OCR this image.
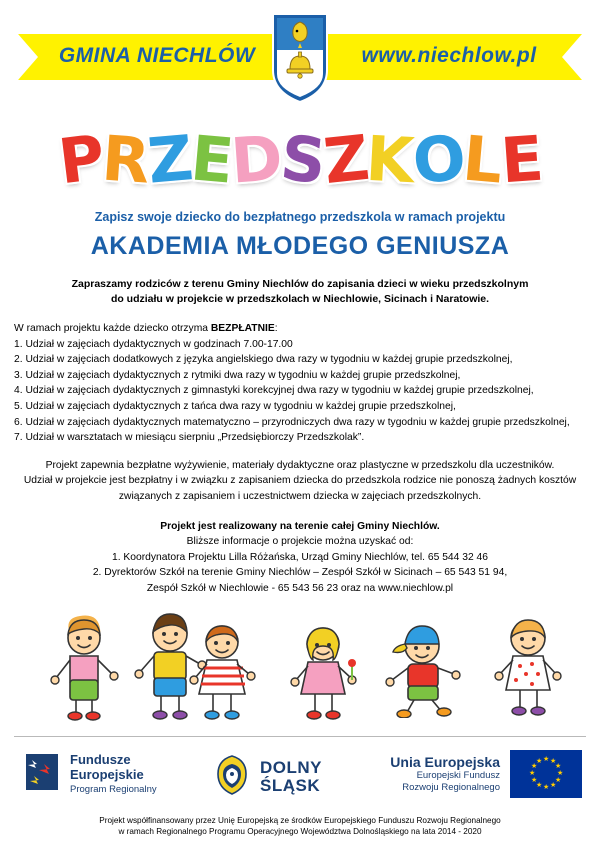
GMINA NIECHLÓW	www.niechlow.pl
PRZEDSZKOLE
Zapisz swoje dziecko do bezpłatnego przedszkola w ramach projektu
AKADEMIA MŁODEGO GENIUSZA
Zapraszamy rodziców z terenu Gminy Niechlów do zapisania dzieci w wieku przedszkolnym
do udziału w projekcie w przedszkolach w Niechlowie, Sicinach i Naratowie.

W ramach projektu każde dziecko otrzyma BEZPŁATNIE:

1. Udział w zajęciach dydaktycznych w godzinach 7.00-17.00
2. Udział w zajęciach dodatkowych z języka angielskiego dwa razy w tygodniu w każdej grupie przedszkolnej,
3. Udział w zajęciach dydaktycznych z rytmiki dwa razy w tygodniu w każdej grupie przedszkolnej,
4. Udział w zajęciach dydaktycznych z gimnastyki korekcyjnej dwa razy w tygodniu w każdej grupie przedszkolnej,
5. Udział w zajęciach dydaktycznych z tańca dwa razy w tygodniu w każdej grupie przedszkolnej,
6. Udział w zajęciach dydaktycznych matematyczno – przyrodniczych dwa razy w tygodniu w każdej grupie przedszkolnej,
7. Udział w warsztatach w miesiącu sierpniu „Przedsiębiorczy Przedszkolak”.
Projekt zapewnia bezpłatne wyżywienie, materiały dydaktyczne oraz plastyczne w przedszkolu dla uczestników.
Udział w projekcie jest bezpłatny i w związku z zapisaniem dziecka do przedszkola rodzice nie ponoszą żadnych kosztów
związanych z zapisaniem i uczestnictwem dziecka w zajęciach przedszkolnych.
Projekt jest realizowany na terenie całej Gminy Niechlów.
Bliższe informacje o projekcie można uzyskać od:
1. Koordynatora Projektu Lilla Różańska, Urząd Gminy Niechlów, tel. 65 544 32 46
2. Dyrektorów Szkół na terenie Gminy Niechlów – Zespół Szkół w Sicinach – 65 543 51 94,
Zespół Szkół w Niechlowie - 65 543 56 23 oraz na www.niechlow.pl
Fundusze
Europejskie
Program Regionalny
DOLNY
ŚLĄSK
Unia Europejska
Europejski Fundusz
Rozwoju Regionalnego
★
★ ★
★	★
★	★
★	★
★ ★
★
Projekt współfinansowany przez Unię Europejską ze środków Europejskiego Funduszu Rozwoju Regionalnego
w ramach Regionalnego Programu Operacyjnego Województwa Dolnośląskiego na lata 2014 - 2020
